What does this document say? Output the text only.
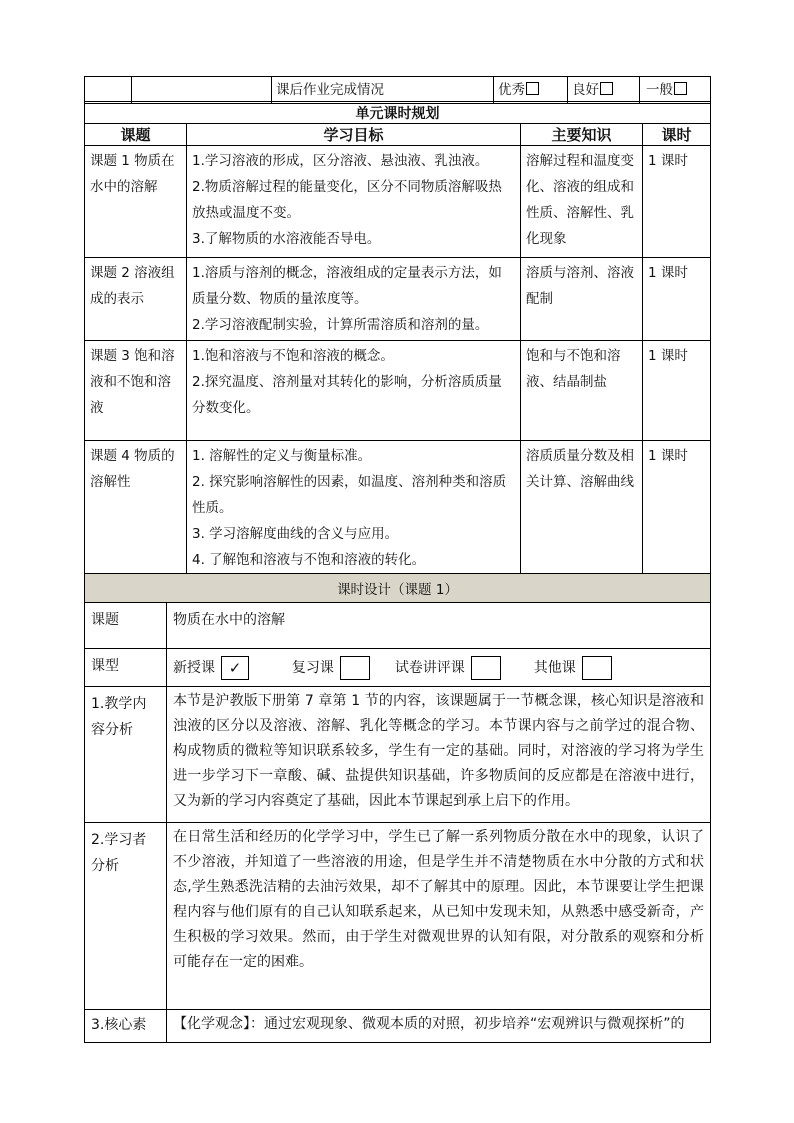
		课后作业完成情况	优秀	良好	一般
单元课时规划			
课题	学习目标	主要知识	课时

课题 1 物质在水中的溶解	1.学习溶液的形成，区分溶液、悬浊液、乳浊液。

2.物质溶解过程的能量变化，区分不同物质溶解吸热放热或温度不变。

3.了解物质的水溶液能否导电。	溶解过程和温度变化、溶液的组成和性质、溶解性、乳化现象	1 课时

课题 2 溶液组成的表示	1.溶质与溶剂的概念，溶液组成的定量表示方法，如质量分数、物质的量浓度等。

2.学习溶液配制实验，计算所需溶质和溶剂的量。	溶质与溶剂、溶液配制	1 课时

课题 3 饱和溶液和不饱和溶液	1.饱和溶液与不饱和溶液的概念。

2.探究温度、溶剂量对其转化的影响，分析溶质质量分数变化。	饱和与不饱和溶液、结晶制盐	1 课时

课题 4 物质的溶解性	1. 溶解性的定义与衡量标准。

2. 探究影响溶解性的因素，如温度、溶剂种类和溶质性质。

3. 学习溶解度曲线的含义与应用。

4. 了解饱和溶液与不饱和溶液的转化。	溶质质量分数及相关计算、溶解曲线	1 课时
课时设计（课题 1）	
课题	物质在水中的溶解
课型	新授课 ✓ 复习课 试卷讲评课 其他课
1.教学内容分析	本节是沪教版下册第 7 章第 1 节的内容，该课题属于一节概念课，核心知识是溶液和浊液的区分以及溶液、溶解、乳化等概念的学习。本节课内容与之前学过的混合物、构成物质的微粒等知识联系较多，学生有一定的基础。同时，对溶液的学习将为学生进一步学习下一章酸、碱、盐提供知识基础，许多物质间的反应都是在溶液中进行，又为新的学习内容奠定了基础，因此本节课起到承上启下的作用。

2.学习者分析	在日常生活和经历的化学学习中，学生已了解一系列物质分散在水中的现象，认识了不少溶液，并知道了一些溶液的用途，但是学生并不清楚物质在水中分散的方式和状态,学生熟悉洗洁精的去油污效果，却不了解其中的原理。因此，本节课要让学生把课程内容与他们原有的自己认知联系起来，从已知中发现未知，从熟悉中感受新奇，产生积极的学习效果。然而，由于学生对微观世界的认知有限，对分散系的观察和分析可能存在一定的困难。

3.核心素	【化学观念】：通过宏观现象、微观本质的对照，初步培养“宏观辨识与微观探析”的
